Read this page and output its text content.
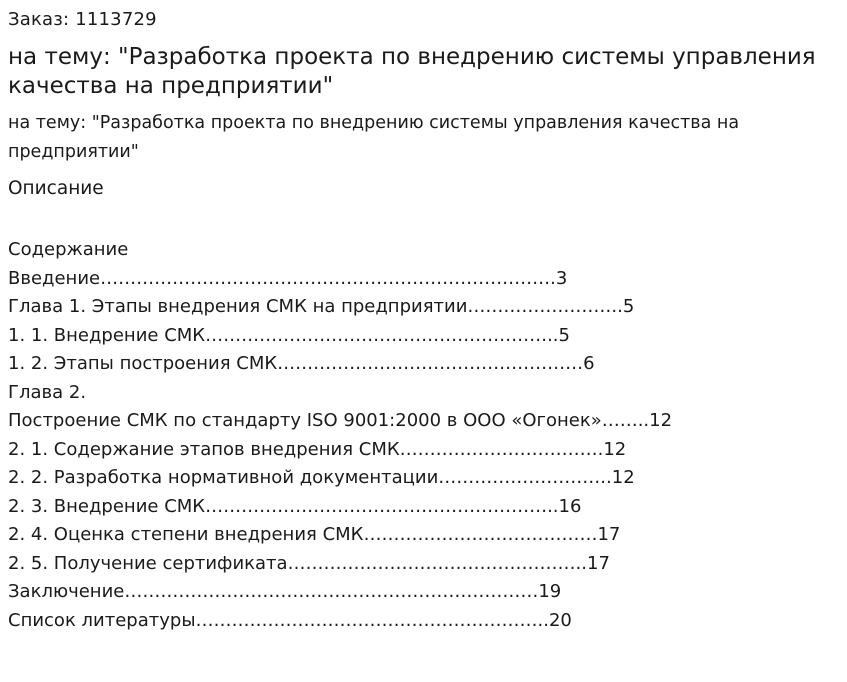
Заказ: 1113729
на тему: "Разработка проекта по внедрению системы управления качества на предприятии"
на тему: "Разработка проекта по внедрению системы управления качества на предприятии"
Описание
Содержание
Введение………………………………………………………………….3
Глава 1. Этапы внедрения СМК на предприятии……………………..5
1. 1. Внедрение СМК…………………………………………………..5
1. 2. Этапы построения СМК……………………………………………6
Глава 2.
Построение СМК по стандарту ISO 9001:2000 в ООО «Огонек»……..12
2. 1. Содержание этапов внедрения СМК…………………………….12
2. 2. Разработка нормативной документации………………………..12
2. 3. Внедрение СМК…………………………………………………..16
2. 4. Оценка степени внедрения СМК…………………………………17
2. 5. Получение сертификата…………………………………………..17
Заключение……………………………………………………………19
Список литературы…………………………………………………..20
